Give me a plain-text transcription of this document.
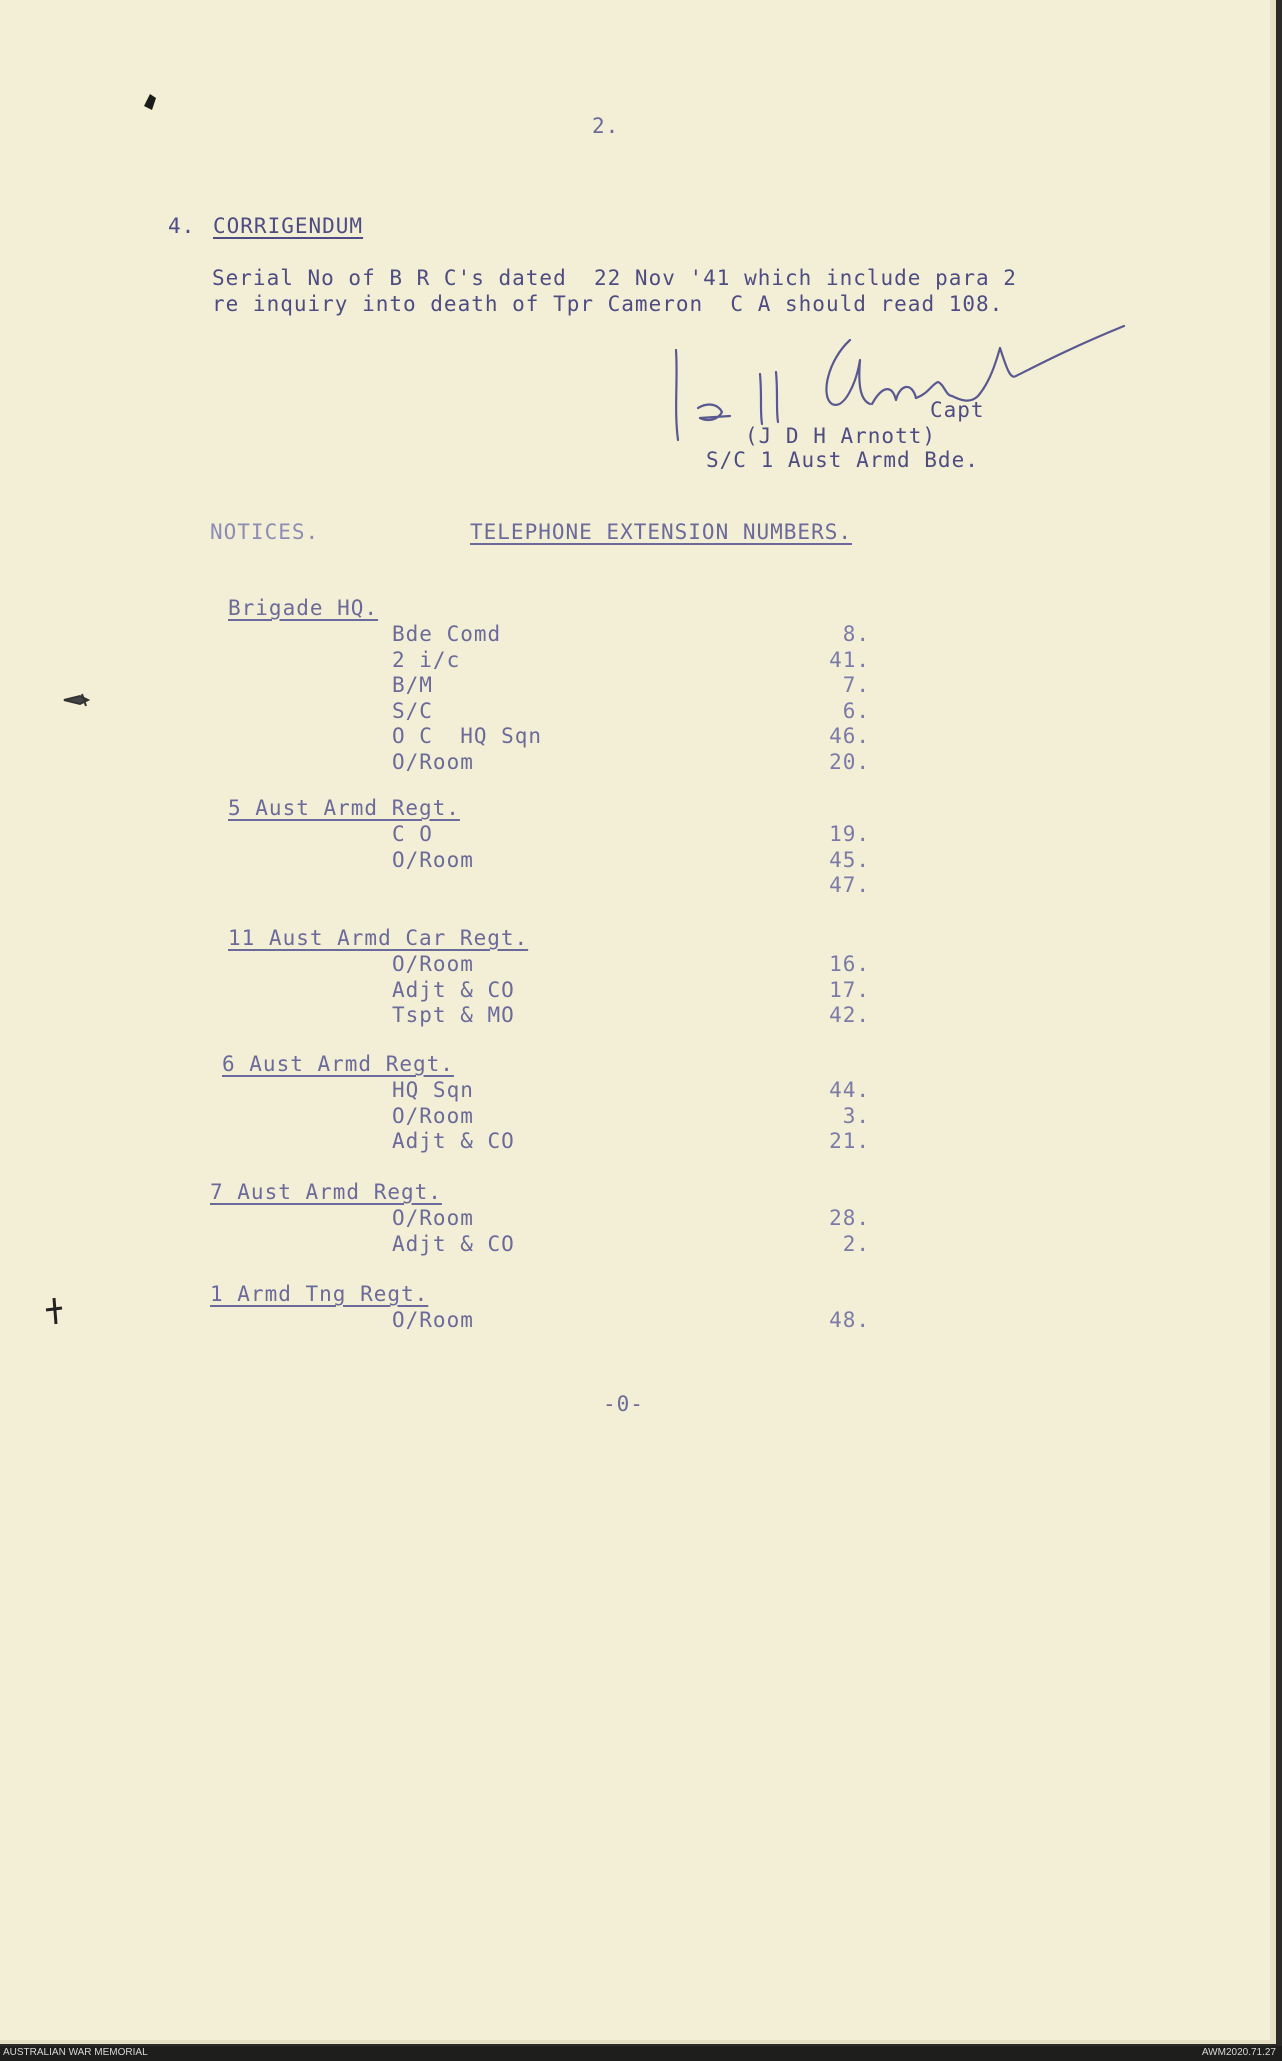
2.
4. CORRIGENDUM
Serial No of B R C's dated  22 Nov '41 which include para 2
re inquiry into death of Tpr Cameron  C A should read 108.
Capt
(J D H Arnott)
S/C 1 Aust Armd Bde.
NOTICES.	TELEPHONE EXTENSION NUMBERS.
Brigade HQ.
Bde Comd	8.
2 i/c	41.
B/M	7.
S/C	6.
O C  HQ Sqn	46.
O/Room	20.
5 Aust Armd Regt.
C O	19.
O/Room	45.
47.
11 Aust Armd Car Regt.
O/Room	16.
Adjt & CO	17.
Tspt & MO	42.
6 Aust Armd Regt.
HQ Sqn	44.
O/Room	3.
Adjt & CO	21.
7 Aust Armd Regt.
O/Room	28.
Adjt & CO	2.
1 Armd Tng Regt.
O/Room	48.
-0-
AUSTRALIAN WAR MEMORIAL	AWM2020.71.27
